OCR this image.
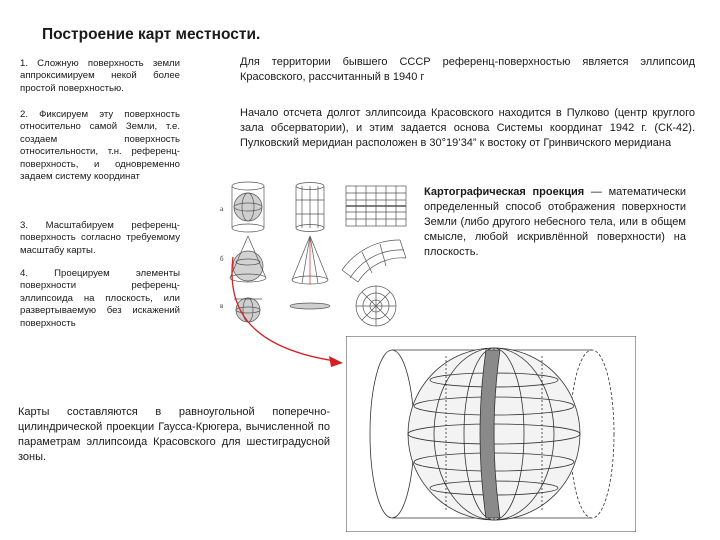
Построение карт местности.
1. Сложную поверхность земли аппроксимируем некой более простой поверхностью.
2. Фиксируем эту поверхность относительно самой Земли, т.е. создаем поверхность относительности, т.н. референц-поверхность, и одновременно задаем систему координат
3. Масштабируем референц-поверхность согласно требуемому масштабу карты.
4. Проецируем элементы поверхности референц-эллипсоида на плоскость, или развертываемую без искажений поверхность
Для территории бывшего СССР референц-поверхностью является эллипсоид Красовского, рассчитанный в 1940 г
Начало отсчета долгот эллипсоида Красовского находится в Пулково (центр круглого зала обсерватории), и этим задается основа Системы координат 1942 г. (СК-42). Пулковский меридиан расположен в 30°19’34” к востоку от Гринвичского меридиана
Картографическая проекция — математически определенный способ отображения поверхности Земли (либо другого небесного тела, или в общем смысле, любой искривлённой поверхности) на плоскость.
Карты составляются в равноугольной поперечно-цилиндрической проекции Гаусса-Крюгера, вычисленной по параметрам эллипсоида Красовского для шестиградусной зоны.
а
б
в
